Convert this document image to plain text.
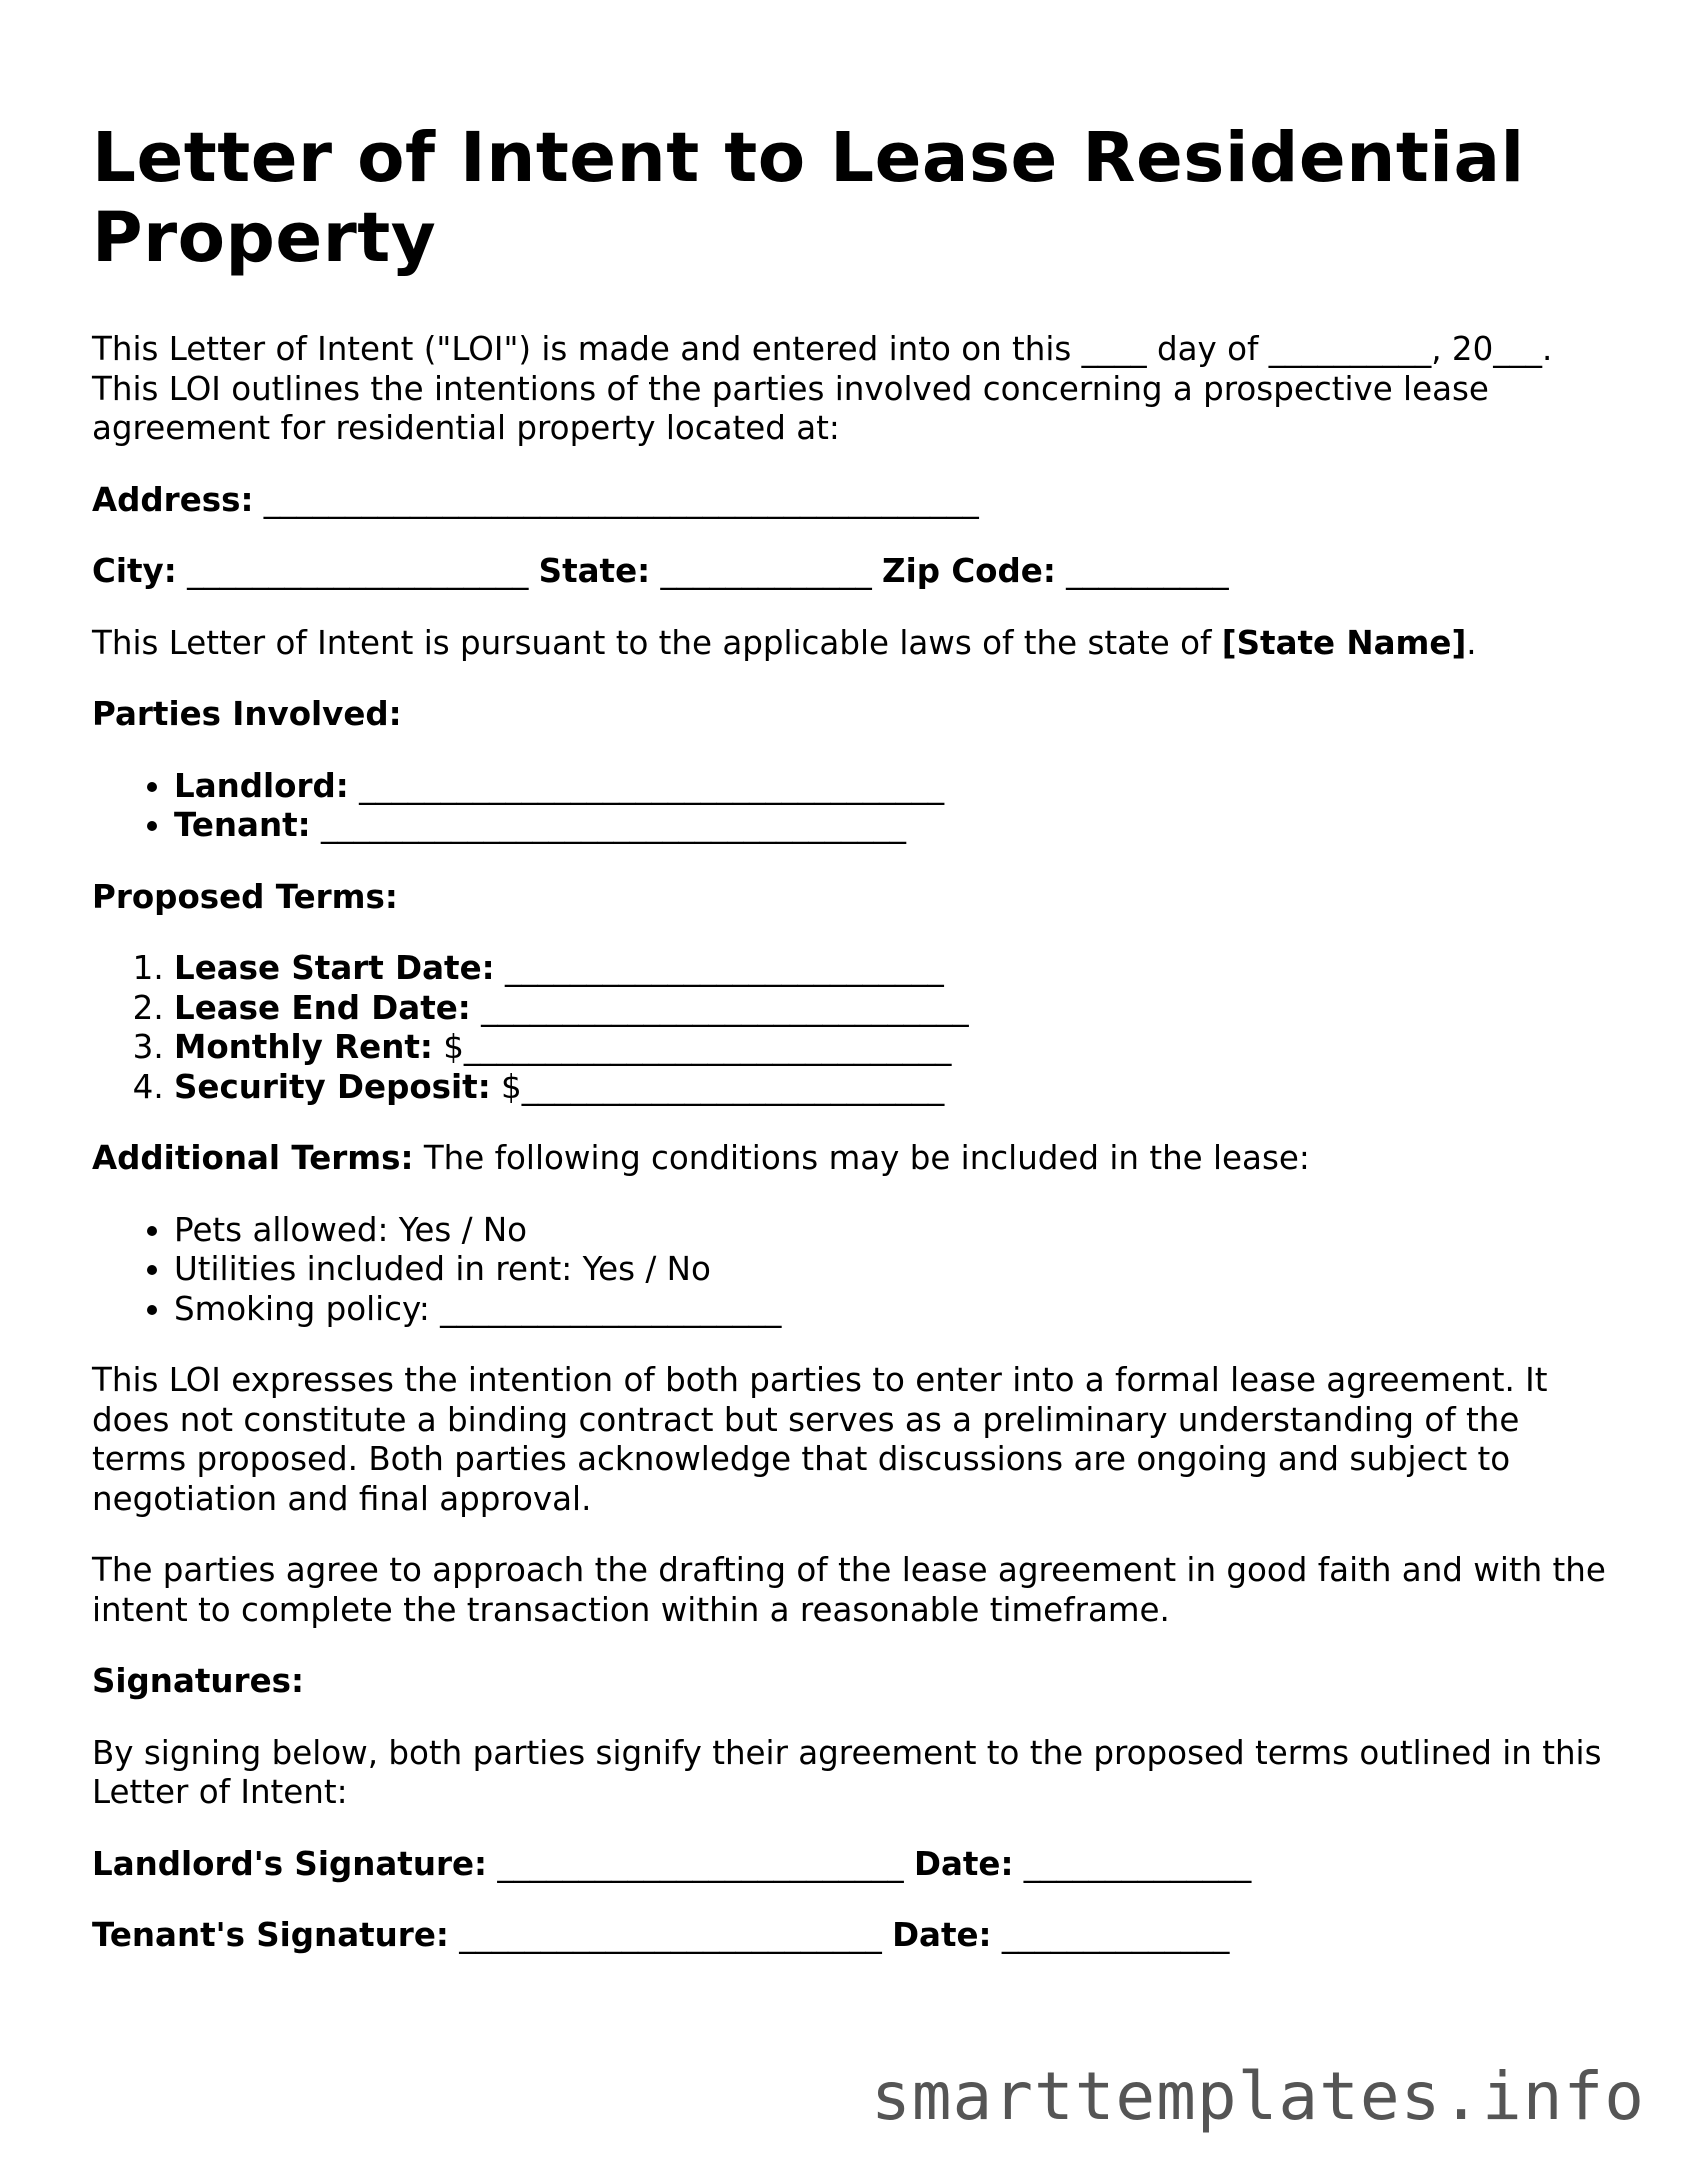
Letter of Intent to Lease Residential Property

This Letter of Intent ("LOI") is made and entered into on this ____ day of __________, 20___. This LOI outlines the intentions of the parties involved concerning a prospective lease agreement for residential property located at:

Address: ____________________________________________

City: _____________________ State: _____________ Zip Code: __________

This Letter of Intent is pursuant to the applicable laws of the state of [State Name].

Parties Involved:

• Landlord: ____________________________________
• Tenant: ____________________________________

Proposed Terms:

1. Lease Start Date: ___________________________
2. Lease End Date: ______________________________
3. Monthly Rent: $______________________________
4. Security Deposit: $__________________________

Additional Terms: The following conditions may be included in the lease:

• Pets allowed: Yes / No
• Utilities included in rent: Yes / No
• Smoking policy: _____________________

This LOI expresses the intention of both parties to enter into a formal lease agreement. It does not constitute a binding contract but serves as a preliminary understanding of the terms proposed. Both parties acknowledge that discussions are ongoing and subject to negotiation and final approval.

The parties agree to approach the drafting of the lease agreement in good faith and with the intent to complete the transaction within a reasonable timeframe.

Signatures:

By signing below, both parties signify their agreement to the proposed terms outlined in this Letter of Intent:

Landlord's Signature: _________________________ Date: ______________

Tenant's Signature: __________________________ Date: ______________

smarttemplates.info
